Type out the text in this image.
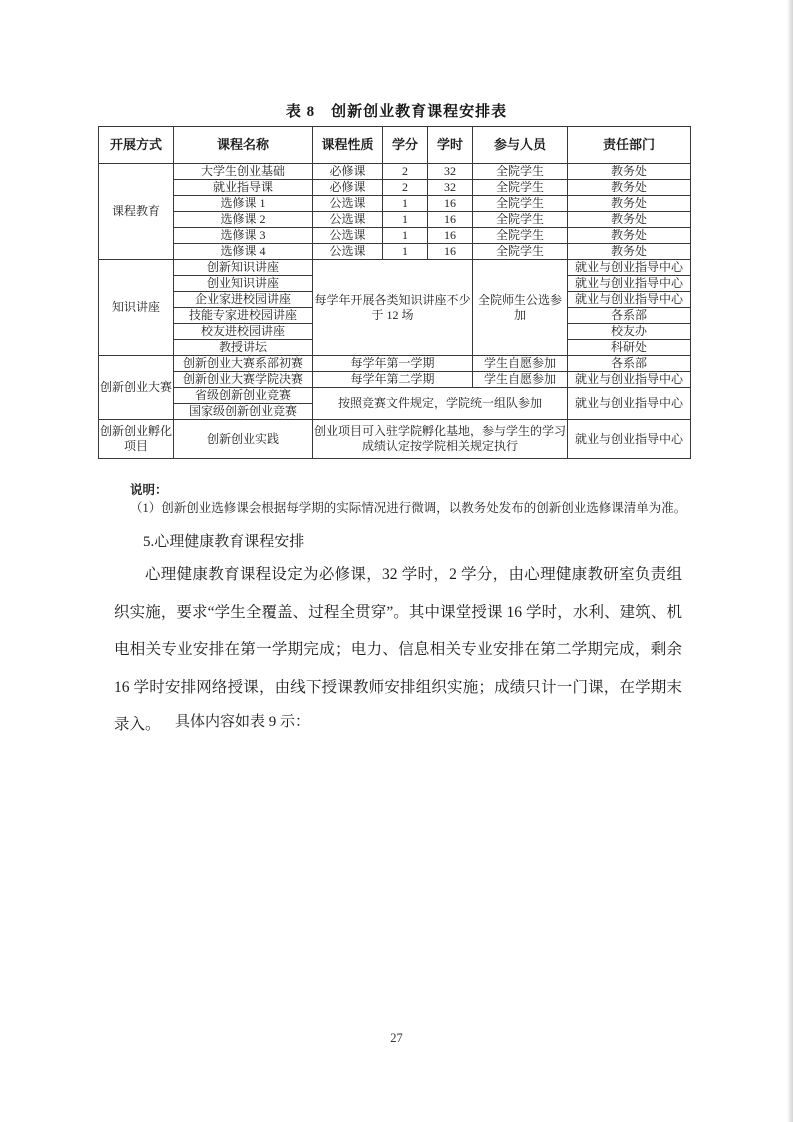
表 8　创新创业教育课程安排表
开展方式	课程名称	课程性质	学分	学时	参与人员	责任部门
课程教育	大学生创业基础	必修课	2	32	全院学生	教务处
	就业指导课	必修课	2	32	全院学生	教务处
	选修课 1	公选课	1	16	全院学生	教务处
	选修课 2	公选课	1	16	全院学生	教务处
	选修课 3	公选课	1	16	全院学生	教务处
	选修课 4	公选课	1	16	全院学生	教务处
知识讲座	创新知识讲座	每学年开展各类知识讲座不少于 12 场			全院师生公选参加	就业与创业指导中心
	创业知识讲座					就业与创业指导中心
	企业家进校园讲座					就业与创业指导中心
	技能专家进校园讲座					各系部
	校友进校园讲座					校友办
	教授讲坛					科研处
创新创业大赛	创新创业大赛系部初赛	每学年第一学期			学生自愿参加	各系部
	创新创业大赛学院决赛	每学年第二学期			学生自愿参加	就业与创业指导中心
	省级创新创业竞赛	按照竞赛文件规定，学院统一组队参加				就业与创业指导中心
	国家级创新创业竞赛					
创新创业孵化项目	创新创业实践	创业项目可入驻学院孵化基地，参与学生的学习成绩认定按学院相关规定执行				就业与创业指导中心
说明：
（1）创新创业选修课会根据每学期的实际情况进行微调，以教务处发布的创新创业选修课清单为准。
5.心理健康教育课程安排
心理健康教育课程设定为必修课，32 学时，2 学分，由心理健康教研室负责组织实施，要求“学生全覆盖、过程全贯穿”。其中课堂授课 16 学时，水利、建筑、机电相关专业安排在第一学期完成；电力、信息相关专业安排在第二学期完成，剩余 16 学时安排网络授课，由线下授课教师安排组织实施；成绩只计一门课，在学期末录入。 具体内容如表 9 示：
27
